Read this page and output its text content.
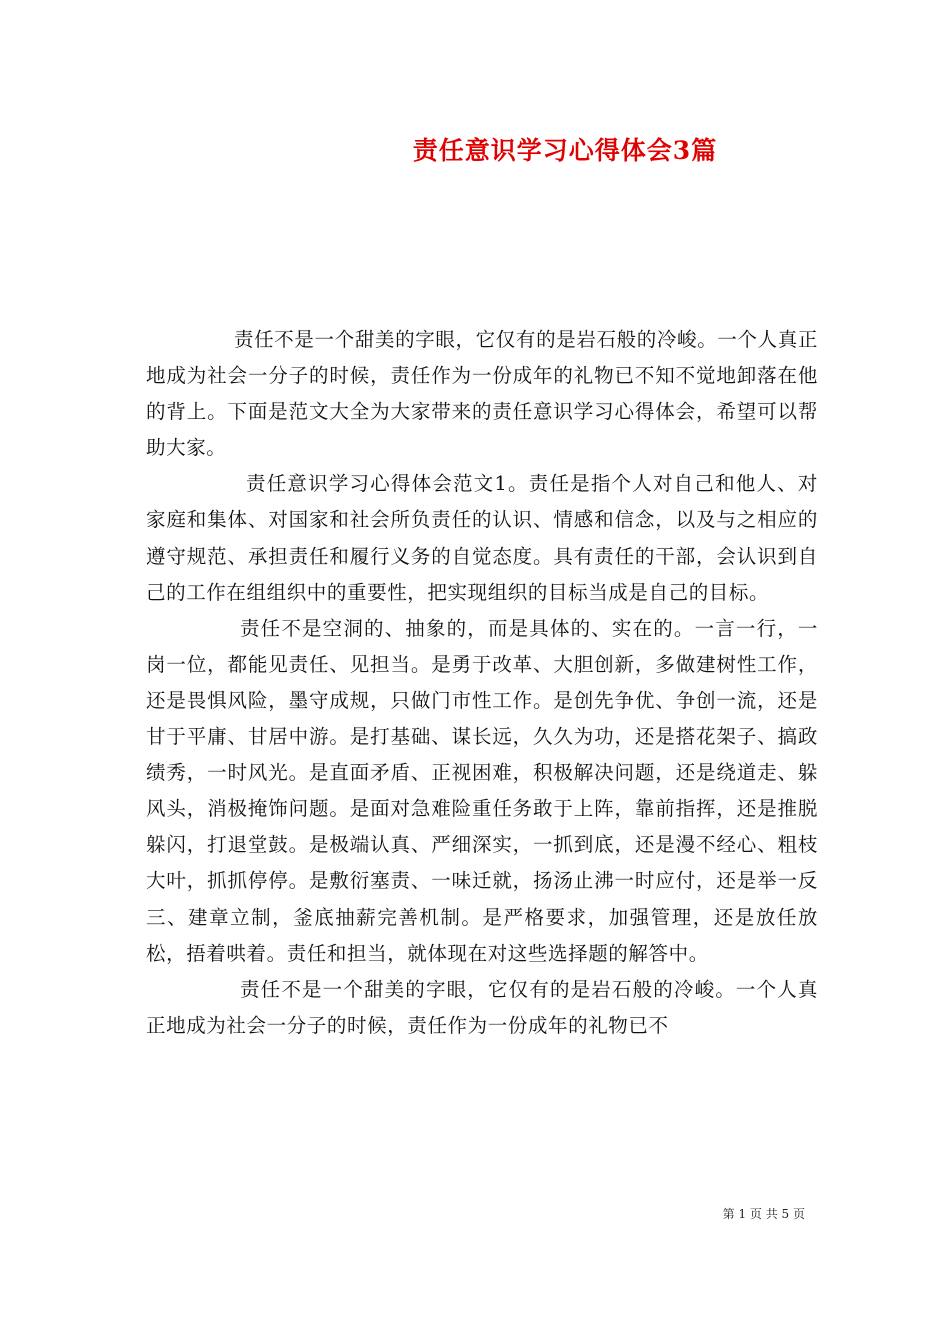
责任意识学习心得体会3篇

责任不是一个甜美的字眼，它仅有的是岩石般的冷峻。一个人真正地成为社会一分子的时候，责任作为一份成年的礼物已不知不觉地卸落在他的背上。下面是范文大全为大家带来的责任意识学习心得体会，希望可以帮助大家。

责任意识学习心得体会范文1。责任是指个人对自己和他人、对家庭和集体、对国家和社会所负责任的认识、情感和信念，以及与之相应的遵守规范、承担责任和履行义务的自觉态度。具有责任的干部，会认识到自己的工作在组组织中的重要性，把实现组织的目标当成是自己的目标。

责任不是空洞的、抽象的，而是具体的、实在的。一言一行，一岗一位，都能见责任、见担当。是勇于改革、大胆创新，多做建树性工作，还是畏惧风险，墨守成规，只做门市性工作。是创先争优、争创一流，还是甘于平庸、甘居中游。是打基础、谋长远，久久为功，还是搭花架子、搞政绩秀，一时风光。是直面矛盾、正视困难，积极解决问题，还是绕道走、躲风头，消极掩饰问题。是面对急难险重任务敢于上阵，靠前指挥，还是推脱躲闪，打退堂鼓。是极端认真、严细深实，一抓到底，还是漫不经心、粗枝大叶，抓抓停停。是敷衍塞责、一味迁就，扬汤止沸一时应付，还是举一反三、建章立制，釜底抽薪完善机制。是严格要求，加强管理，还是放任放松，捂着哄着。责任和担当，就体现在对这些选择题的解答中。

责任不是一个甜美的字眼，它仅有的是岩石般的冷峻。一个人真正地成为社会一分子的时候，责任作为一份成年的礼物已不

第 1 页 共 5 页
